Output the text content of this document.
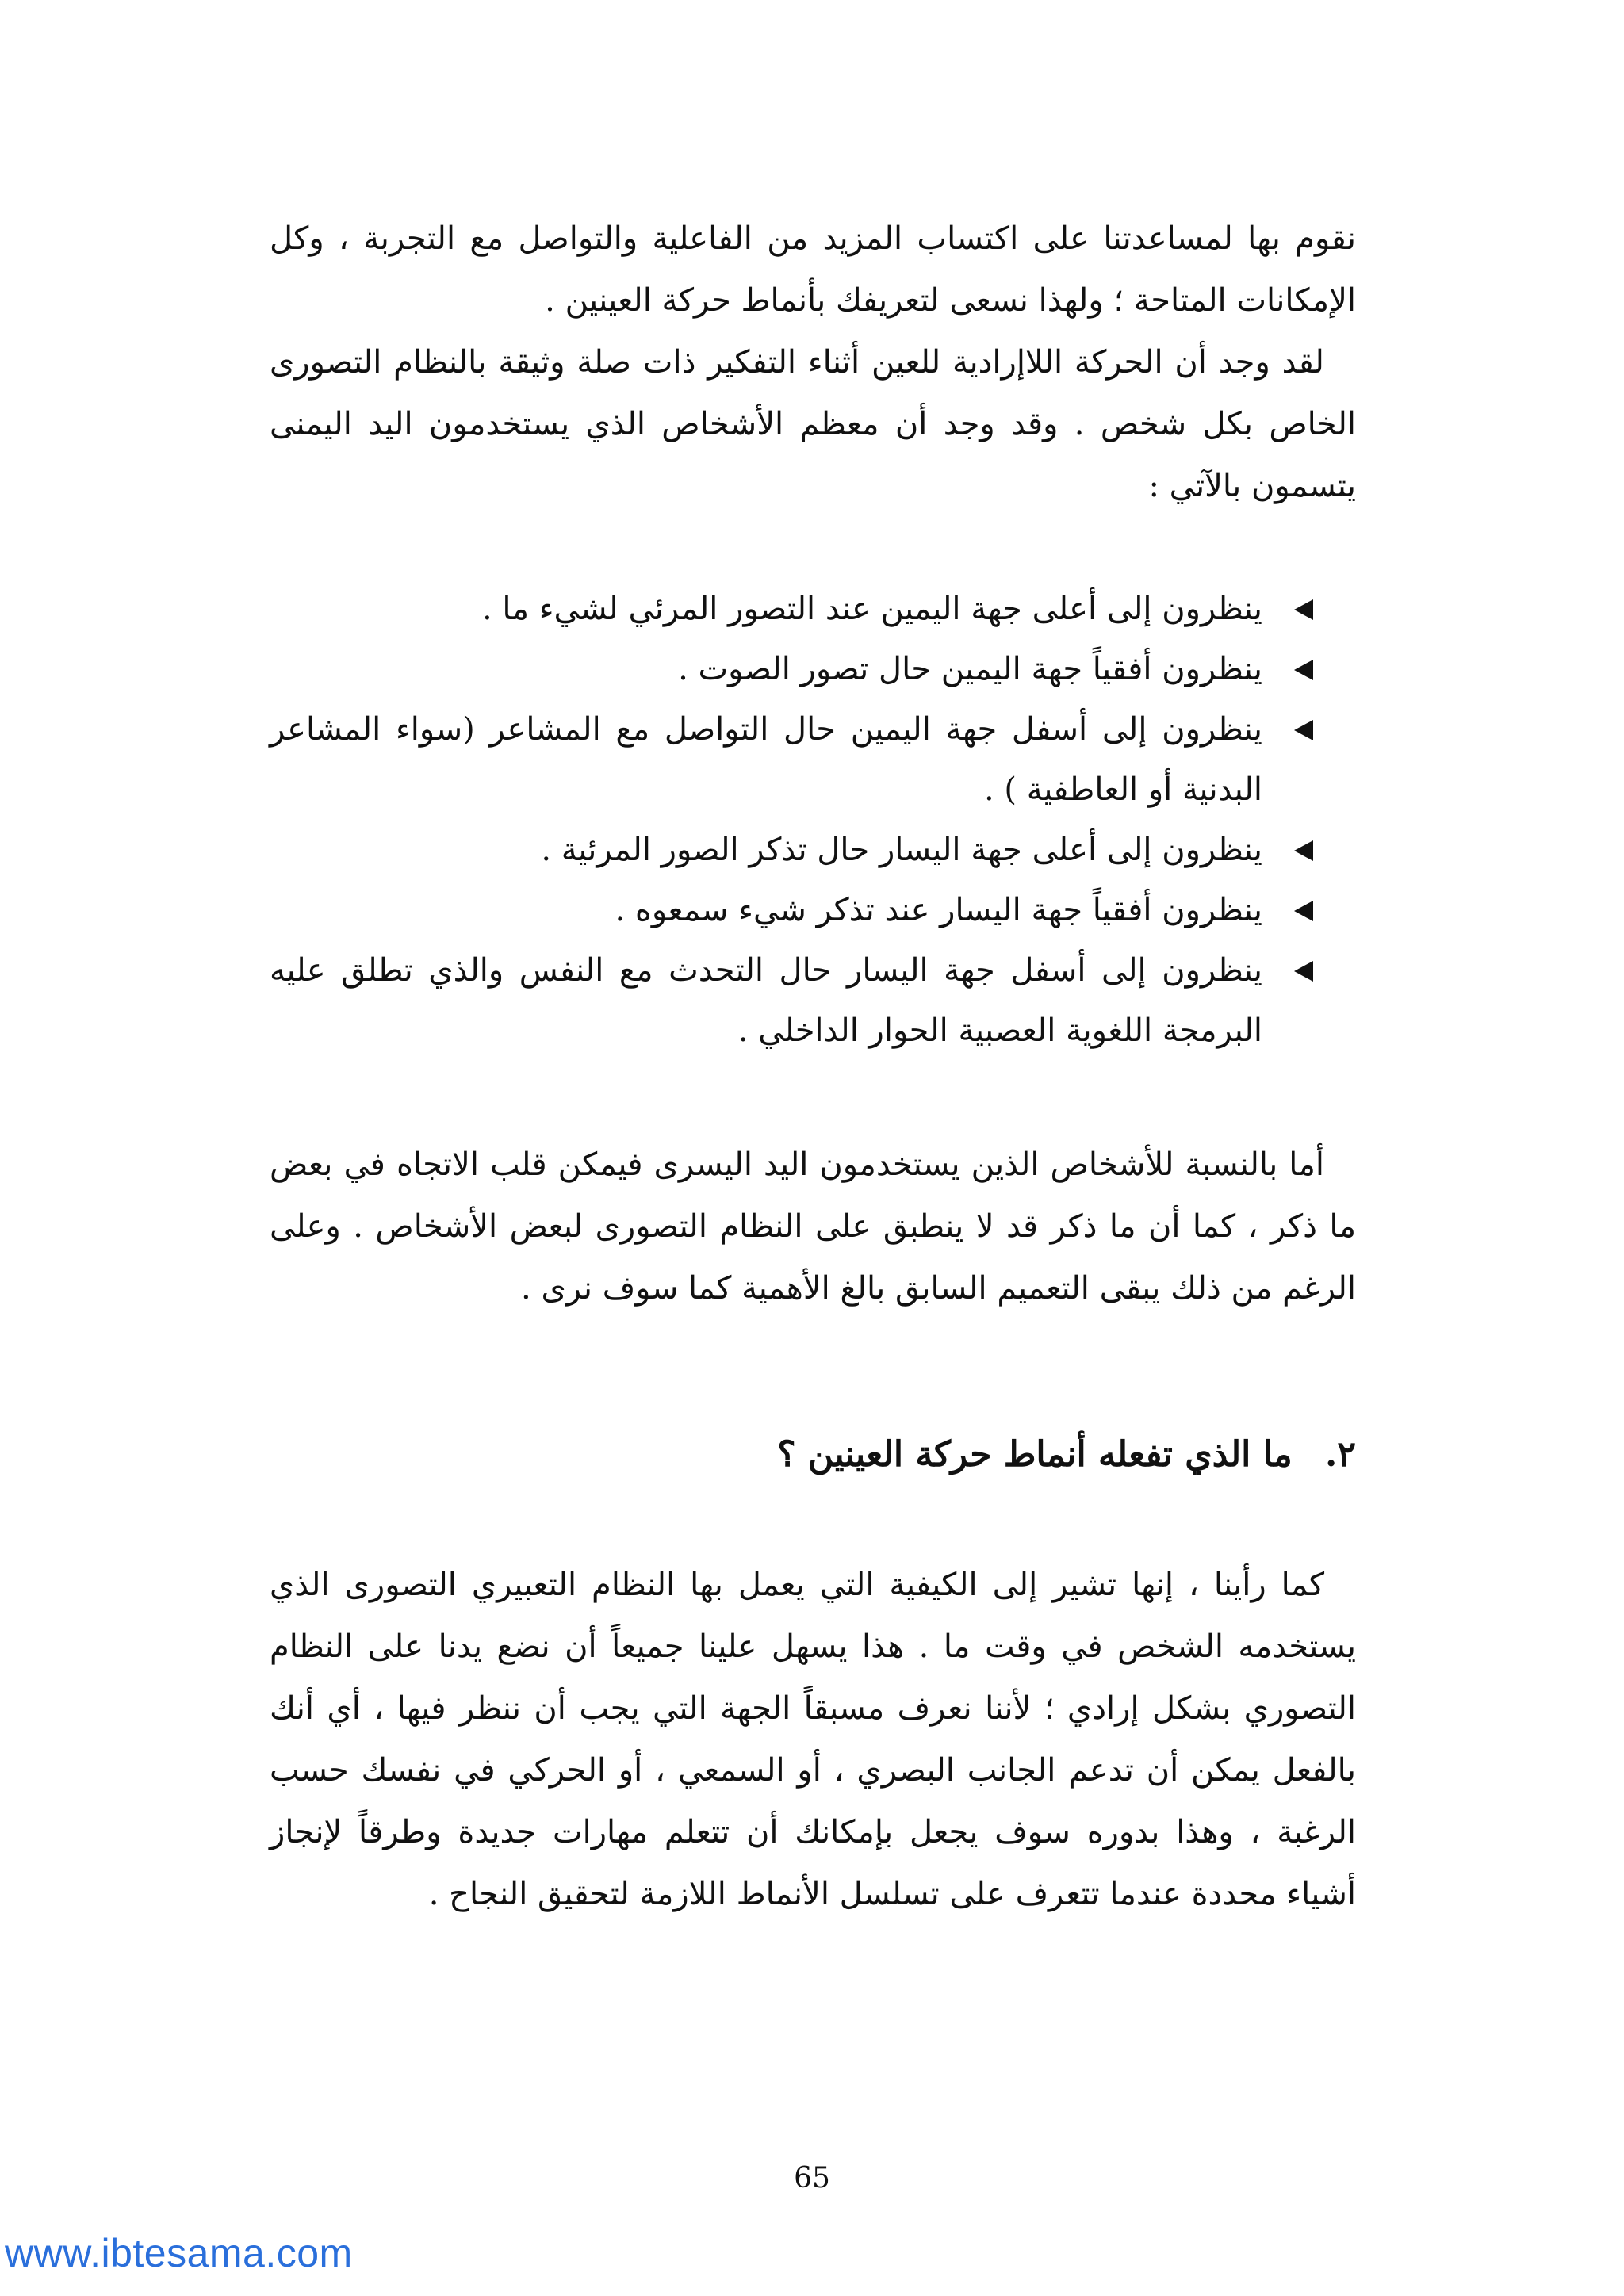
نقوم بها لمساعدتنا على اكتساب المزيد من الفاعلية والتواصل مع التجربة ، وكل الإمكانات المتاحة ؛ ولهذا نسعى لتعريفك بأنماط حركة العينين .

لقد وجد أن الحركة اللاإرادية للعين أثناء التفكير ذات صلة وثيقة بالنظام التصورى الخاص بكل شخص . وقد وجد أن معظم الأشخاص الذي يستخدمون اليد اليمنى يتسمون بالآتي :

ينظرون إلى أعلى جهة اليمين عند التصور المرئي لشيء ما .
ينظرون أفقياً جهة اليمين حال تصور الصوت .
ينظرون إلى أسفل جهة اليمين حال التواصل مع المشاعر (سواء المشاعر البدنية أو العاطفية ) .
ينظرون إلى أعلى جهة اليسار حال تذكر الصور المرئية .
ينظرون أفقياً جهة اليسار عند تذكر شيء سمعوه .
ينظرون إلى أسفل جهة اليسار حال التحدث مع النفس والذي تطلق عليه البرمجة اللغوية العصبية الحوار الداخلي .

أما بالنسبة للأشخاص الذين يستخدمون اليد اليسرى فيمكن قلب الاتجاه في بعض ما ذكر ، كما أن ما ذكر قد لا ينطبق على النظام التصورى لبعض الأشخاص . وعلى الرغم من ذلك يبقى التعميم السابق بالغ الأهمية كما سوف نرى .

٢. ما الذي تفعله أنماط حركة العينين ؟

كما رأينا ، إنها تشير إلى الكيفية التي يعمل بها النظام التعبيري التصورى الذي يستخدمه الشخص في وقت ما . هذا يسهل علينا جميعاً أن نضع يدنا على النظام التصوري بشكل إرادي ؛ لأننا نعرف مسبقاً الجهة التي يجب أن ننظر فيها ، أي أنك بالفعل يمكن أن تدعم الجانب البصري ، أو السمعي ، أو الحركي في نفسك حسب الرغبة ، وهذا بدوره سوف يجعل بإمكانك أن تتعلم مهارات جديدة وطرقاً لإنجاز أشياء محددة عندما تتعرف على تسلسل الأنماط اللازمة لتحقيق النجاح .

65
www.ibtesama.com
